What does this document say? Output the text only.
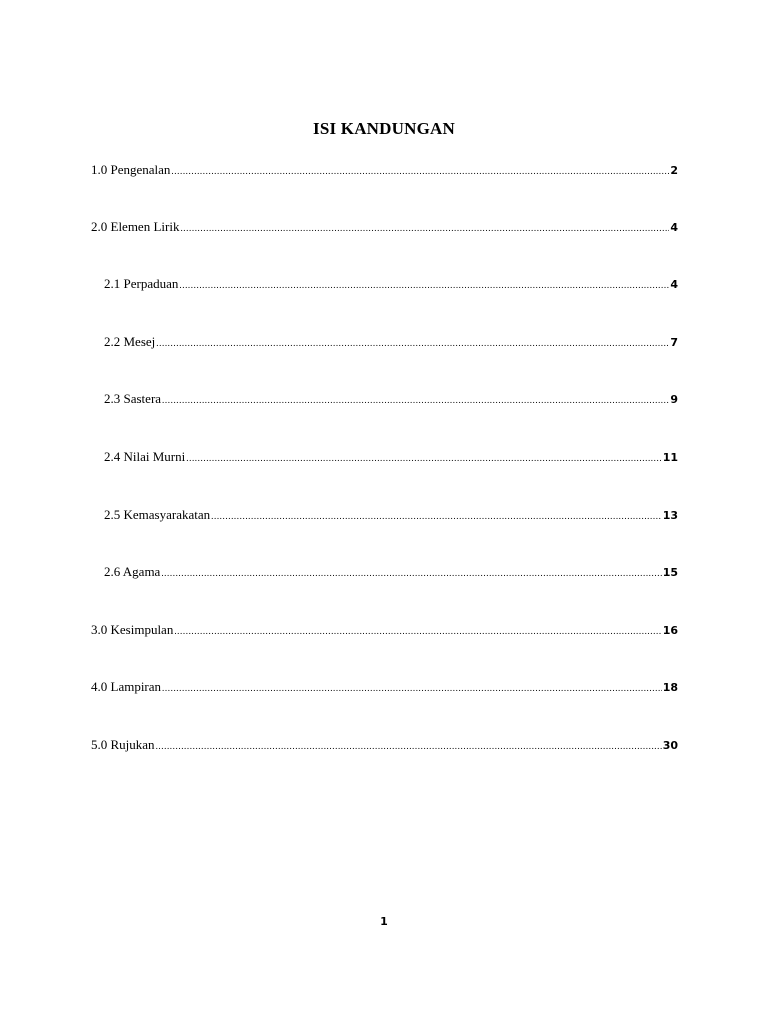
ISI KANDUNGAN
1.0 Pengenalan .....	2
2.0 Elemen Lirik .....	4
2.1 Perpaduan .....	4
2.2 Mesej .....	7
2.3 Sastera .....	9
2.4 Nilai Murni .....	11
2.5 Kemasyarakatan .....	13
2.6 Agama .....	15
3.0 Kesimpulan .....	16
4.0 Lampiran .....	18
5.0 Rujukan .....	30
1
